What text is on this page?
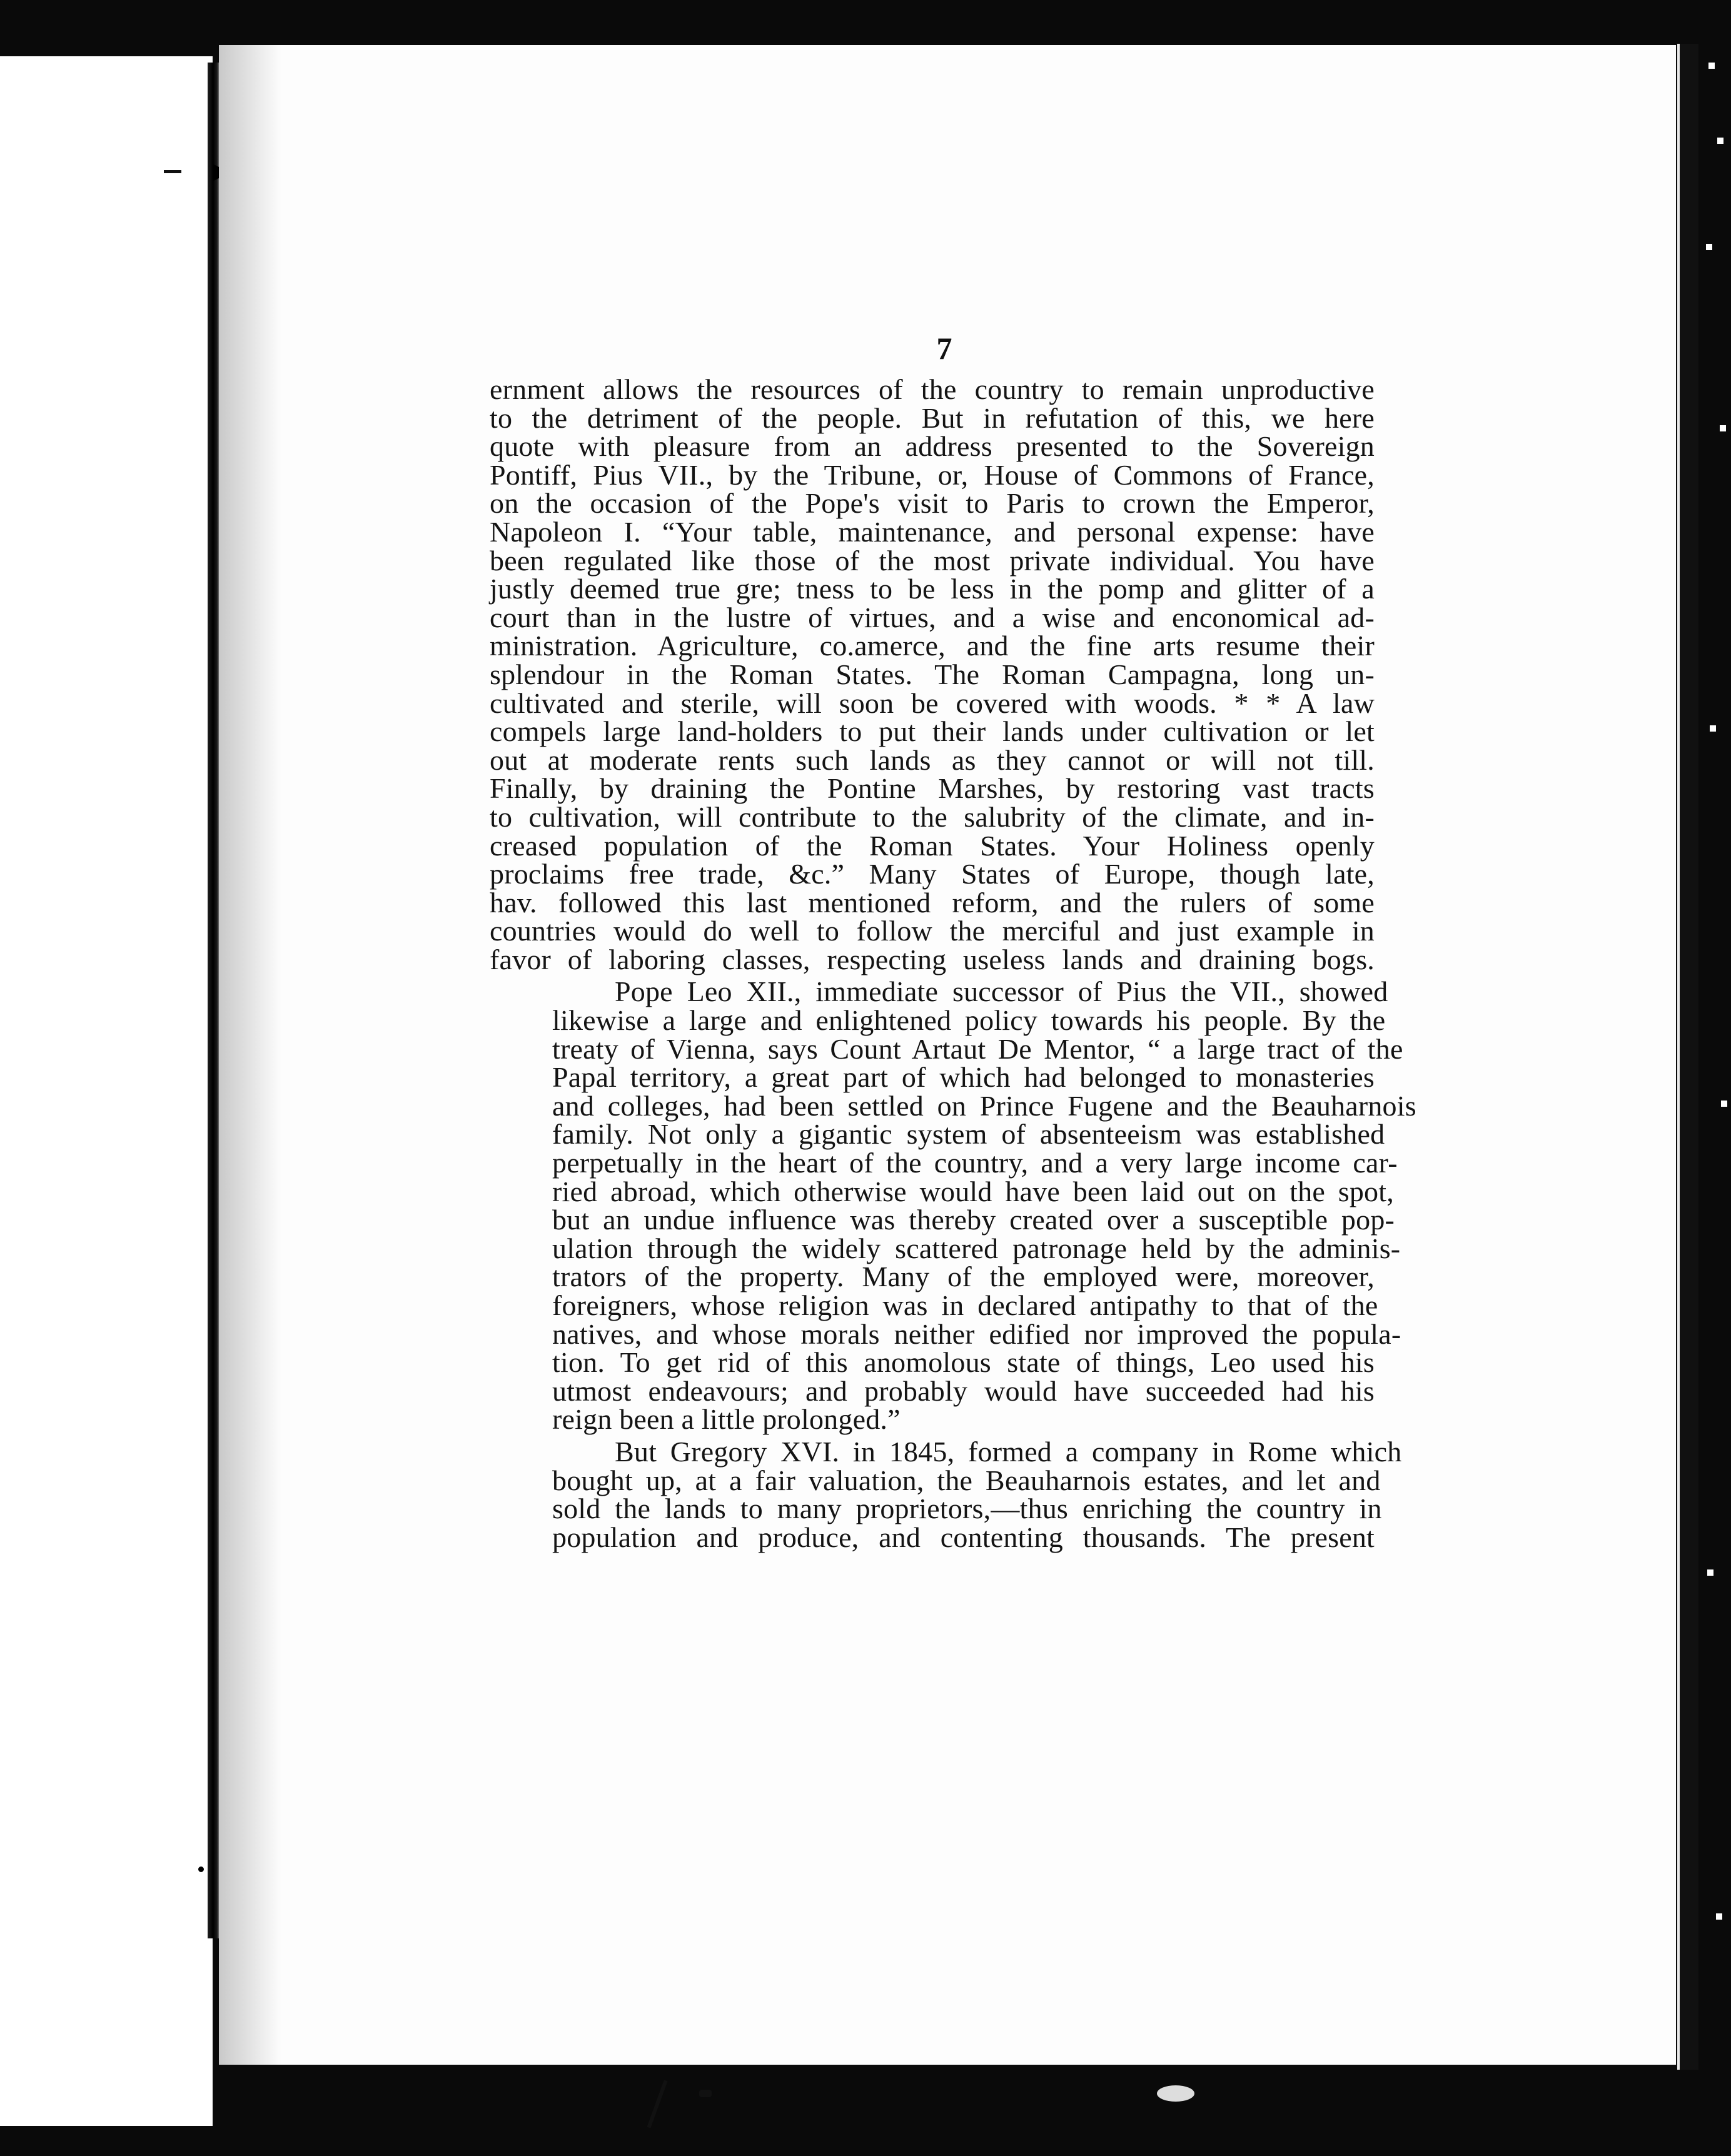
7

ernment allows the resources of the country to remain unproductive
to the detriment of the people. But in refutation of this, we here
quote with pleasure from an address presented to the Sovereign
Pontiff, Pius VII., by the Tribune, or, House of Commons of France,
on the occasion of the Pope's visit to Paris to crown the Emperor,
Napoleon I. “Your table, maintenance, and personal expense: have
been regulated like those of the most private individual. You have
justly deemed true gre; tness to be less in the pomp and glitter of a
court than in the lustre of virtues, and a wise and enconomical ad-
ministration. Agriculture, co.amerce, and the fine arts resume their
splendour in the Roman States. The Roman Campagna, long un-
cultivated and sterile, will soon be covered with woods. * * A law
compels large land-holders to put their lands under cultivation or let
out at moderate rents such lands as they cannot or will not till.
Finally, by draining the Pontine Marshes, by restoring vast tracts
to cultivation, will contribute to the salubrity of the climate, and in-
creased population of the Roman States. Your Holiness openly
proclaims free trade, &c.” Many States of Europe, though late,
hav. followed this last mentioned reform, and the rulers of some
countries would do well to follow the merciful and just example in
favor of laboring classes, respecting useless lands and draining bogs.

Pope Leo XII., immediate successor of Pius the VII., showed
likewise a large and enlightened policy towards his people. By the
treaty of Vienna, says Count Artaut De Mentor, “ a large tract of the
Papal territory, a great part of which had belonged to monasteries
and colleges, had been settled on Prince Fugene and the Beauharnois
family. Not only a gigantic system of absenteeism was established
perpetually in the heart of the country, and a very large income car-
ried abroad, which otherwise would have been laid out on the spot,
but an undue influence was thereby created over a susceptible pop-
ulation through the widely scattered patronage held by the adminis-
trators of the property. Many of the employed were, moreover,
foreigners, whose religion was in declared antipathy to that of the
natives, and whose morals neither edified nor improved the popula-
tion. To get rid of this anomolous state of things, Leo used his
utmost endeavours; and probably would have succeeded had his
reign been a little prolonged.”

But Gregory XVI. in 1845, formed a company in Rome which
bought up, at a fair valuation, the Beauharnois estates, and let and
sold the lands to many proprietors,—thus enriching the country in
population and produce, and contenting thousands. The present
